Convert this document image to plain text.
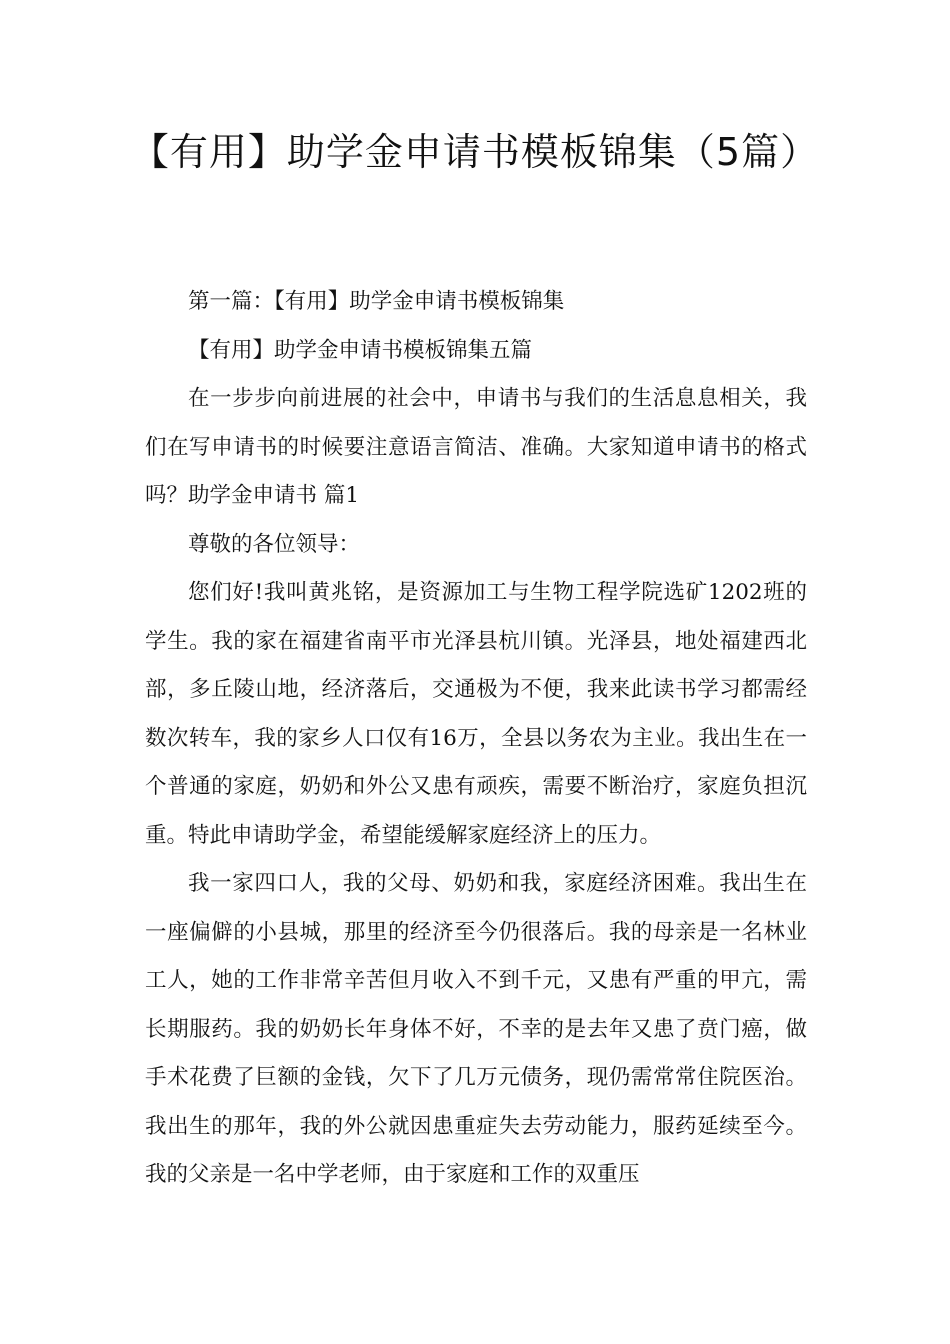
【有用】助学金申请书模板锦集（5篇）

第一篇：【有用】助学金申请书模板锦集

【有用】助学金申请书模板锦集五篇

在一步步向前进展的社会中，申请书与我们的生活息息相关，我们在写申请书的时候要注意语言简洁、准确。大家知道申请书的格式吗？助学金申请书 篇1

尊敬的各位领导：

您们好!我叫黄兆铭，是资源加工与生物工程学院选矿1202班的学生。我的家在福建省南平市光泽县杭川镇。光泽县，地处福建西北部，多丘陵山地，经济落后，交通极为不便，我来此读书学习都需经数次转车，我的家乡人口仅有16万，全县以务农为主业。我出生在一个普通的家庭，奶奶和外公又患有顽疾，需要不断治疗，家庭负担沉重。特此申请助学金，希望能缓解家庭经济上的压力。

我一家四口人，我的父母、奶奶和我，家庭经济困难。我出生在一座偏僻的小县城，那里的经济至今仍很落后。我的母亲是一名林业工人，她的工作非常辛苦但月收入不到千元，又患有严重的甲亢，需长期服药。我的奶奶长年身体不好，不幸的是去年又患了贲门癌，做手术花费了巨额的金钱，欠下了几万元债务，现仍需常常住院医治。我出生的那年，我的外公就因患重症失去劳动能力，服药延续至今。我的父亲是一名中学老师，由于家庭和工作的双重压
